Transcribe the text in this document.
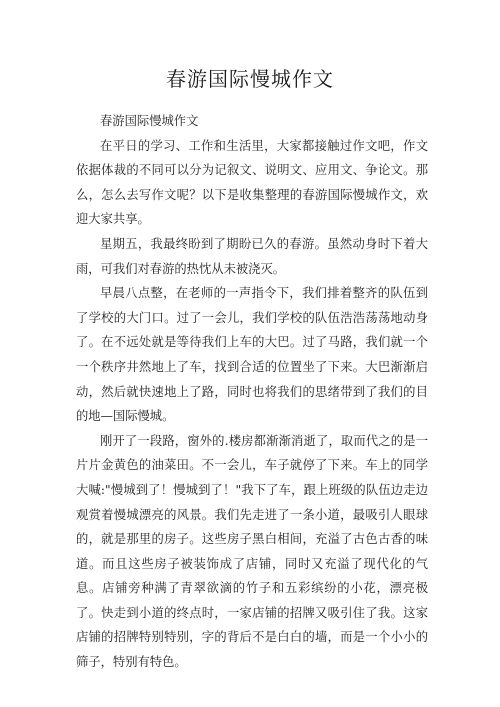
春游国际慢城作文

春游国际慢城作文

在平日的学习、工作和生活里，大家都接触过作文吧，作文依据体裁的不同可以分为记叙文、说明文、应用文、争论文。那么，怎么去写作文呢？以下是收集整理的春游国际慢城作文，欢迎大家共享。

星期五，我最终盼到了期盼已久的春游。虽然动身时下着大雨，可我们对春游的热忱从未被浇灭。

早晨八点整，在老师的一声指令下，我们排着整齐的队伍到了学校的大门口。过了一会儿，我们学校的队伍浩浩荡荡地动身了。在不远处就是等待我们上车的大巴。过了马路，我们就一个一个秩序井然地上了车，找到合适的位置坐了下来。大巴渐渐启动，然后就快速地上了路，同时也将我们的思绪带到了我们的目的地—国际慢城。

刚开了一段路，窗外的.楼房都渐渐消逝了，取而代之的是一片片金黄色的油菜田。不一会儿，车子就停了下来。车上的同学大喊:"慢城到了！慢城到了！"我下了车，跟上班级的队伍边走边观赏着慢城漂亮的风景。我们先走进了一条小道，最吸引人眼球的，就是那里的房子。这些房子黑白相间，充溢了古色古香的味道。而且这些房子被装饰成了店铺，同时又充溢了现代化的气息。店铺旁种满了青翠欲滴的竹子和五彩缤纷的小花，漂亮极了。快走到小道的终点时，一家店铺的招牌又吸引住了我。这家店铺的招牌特别特别，字的背后不是白白的墙，而是一个小小的筛子，特别有特色。
